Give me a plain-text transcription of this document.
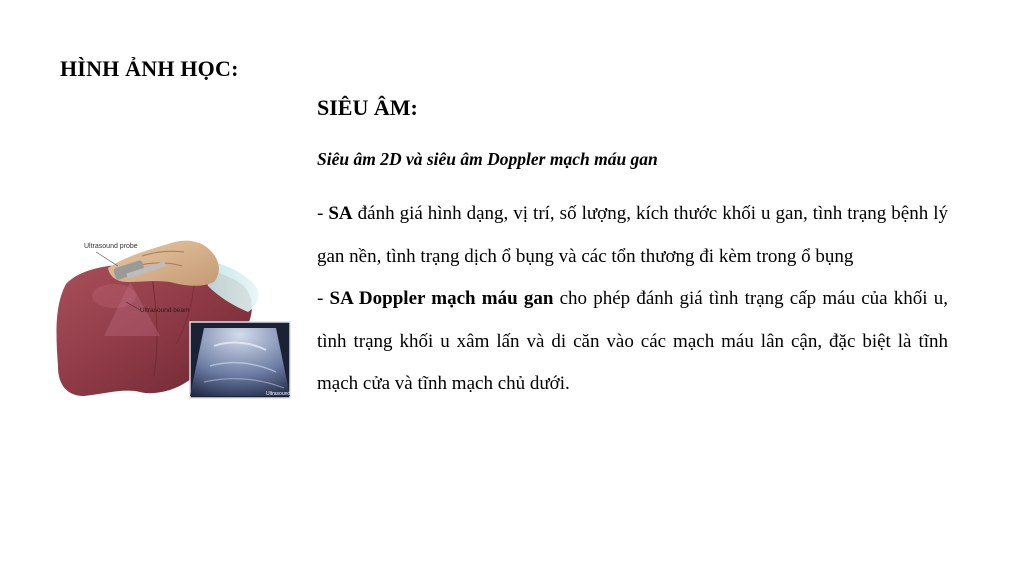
HÌNH ẢNH HỌC:
SIÊU ÂM:
Siêu âm 2D và siêu âm Doppler mạch máu gan

- SA đánh giá hình dạng, vị trí, số lượng, kích thước khối u gan, tình trạng bệnh lý gan nền, tình trạng dịch ổ bụng và các tổn thương đi kèm trong ổ bụng

- SA Doppler mạch máu gan cho phép đánh giá tình trạng cấp máu của khối u, tình trạng khối u xâm lấn và di căn vào các mạch máu lân cận, đặc biệt là tĩnh mạch cửa và tĩnh mạch chủ dưới.

Ultrasound probe
Ultrasound beam
Ultrasound
